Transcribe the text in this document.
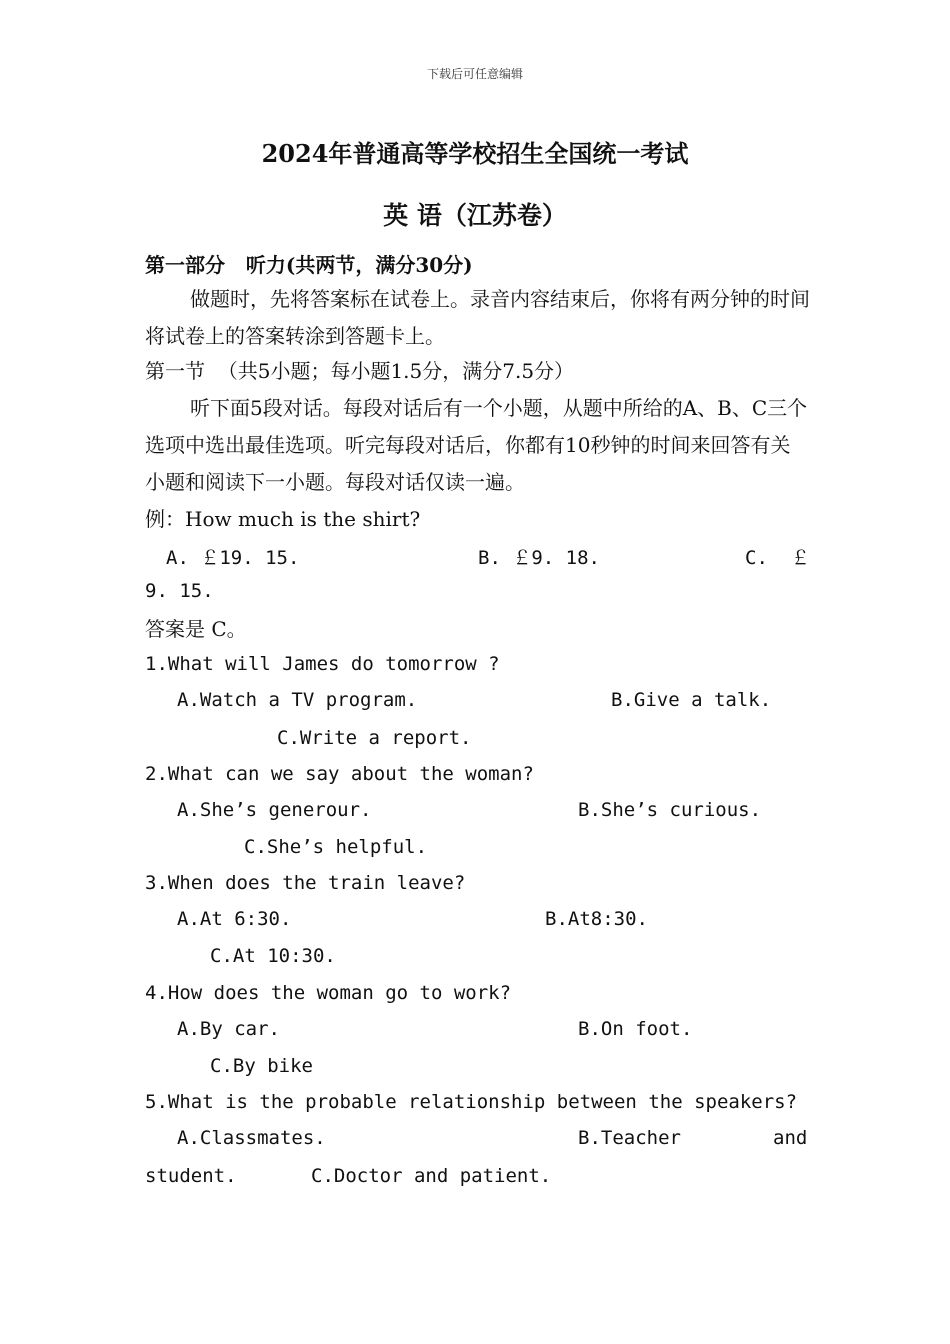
下载后可任意编辑
2024年普通高等学校招生全国统一考试
英 语（江苏卷）
第一部分   听力(共两节，满分30分)
做题时，先将答案标在试卷上。录音内容结束后，你将有两分钟的时间将试卷上的答案转涂到答题卡上。
第一节  （共5小题；每小题1.5分，满分7.5分）
听下面5段对话。每段对话后有一个小题，从题中所给的A、B、C三个选项中选出最佳选项。听完每段对话后，你都有10秒钟的时间来回答有关小题和阅读下一小题。每段对话仅读一遍。
例：How much is the shirt?
A. ￡19. 15.	B. ￡9. 18.	C.  ￡
9. 15.
答案是 C。
1.What will James do tomorrow ?
A.Watch a TV program.	B.Give a talk.
C.Write a report.
2.What can we say about the woman?
A.She’s generour.	B.She’s curious.
C.She’s helpful.
3.When does the train leave?
A.At 6:30.	B.At8:30.
C.At 10:30.
4.How does the woman go to work?
A.By car.	B.On foot.
C.By bike
5.What is the probable relationship between the speakers?
A.Classmates.	B.Teacher	and
student.	C.Doctor and patient.
